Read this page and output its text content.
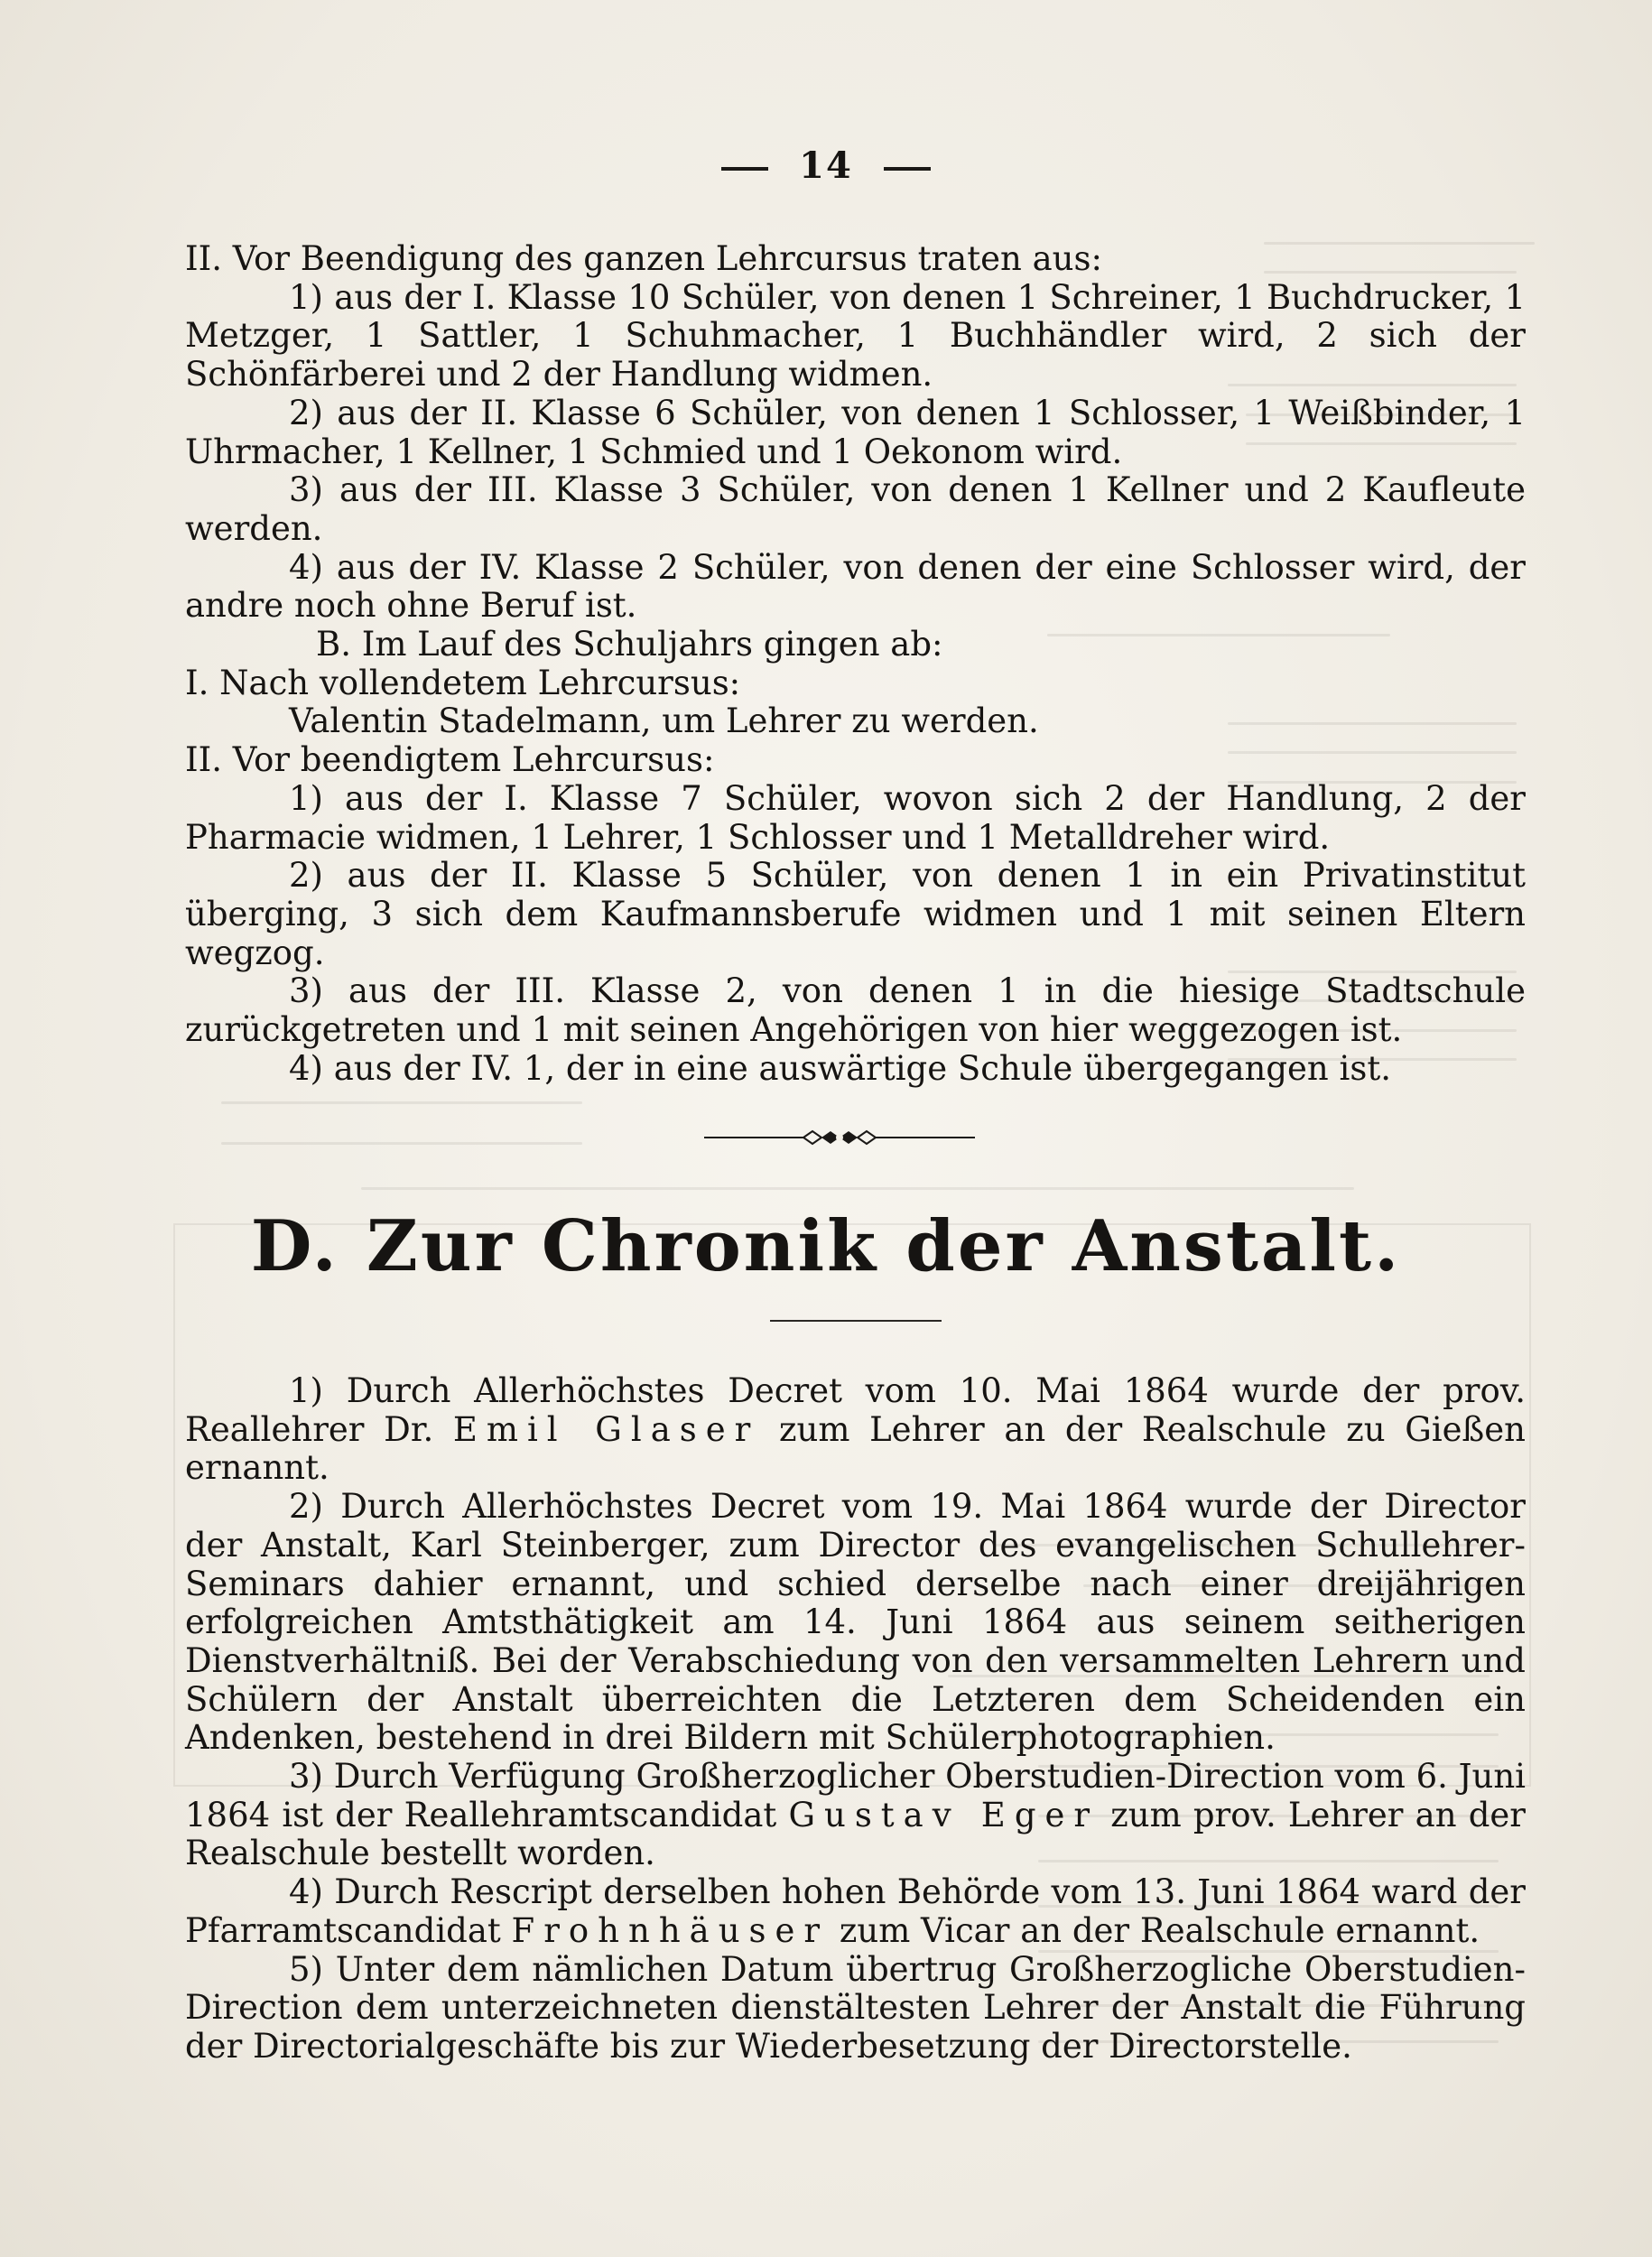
14

II. Vor Beendigung des ganzen Lehrcursus traten aus:

1) aus der I. Klasse 10 Schüler, von denen 1 Schreiner, 1 Buchdrucker, 1 Metzger, 1 Sattler, 1 Schuhmacher, 1 Buchhändler wird, 2 sich der Schönfärberei und 2 der Handlung widmen.

2) aus der II. Klasse 6 Schüler, von denen 1 Schlosser, 1 Weißbinder, 1 Uhrmacher, 1 Kellner, 1 Schmied und 1 Oekonom wird.

3) aus der III. Klasse 3 Schüler, von denen 1 Kellner und 2 Kaufleute werden.

4) aus der IV. Klasse 2 Schüler, von denen der eine Schlosser wird, der andre noch ohne Beruf ist.

B. Im Lauf des Schuljahrs gingen ab:

I. Nach vollendetem Lehrcursus:

Valentin Stadelmann, um Lehrer zu werden.

II. Vor beendigtem Lehrcursus:

1) aus der I. Klasse 7 Schüler, wovon sich 2 der Handlung, 2 der Pharmacie widmen, 1 Lehrer, 1 Schlosser und 1 Metalldreher wird.

2) aus der II. Klasse 5 Schüler, von denen 1 in ein Privatinstitut überging, 3 sich dem Kaufmannsberufe widmen und 1 mit seinen Eltern wegzog.

3) aus der III. Klasse 2, von denen 1 in die hiesige Stadtschule zurückgetreten und 1 mit seinen Angehörigen von hier weggezogen ist.

4) aus der IV. 1, der in eine auswärtige Schule übergegangen ist.

D. Zur Chronik der Anstalt.

1) Durch Allerhöchstes Decret vom 10. Mai 1864 wurde der prov. Reallehrer Dr. Emil Glaser zum Lehrer an der Realschule zu Gießen ernannt.

2) Durch Allerhöchstes Decret vom 19. Mai 1864 wurde der Director der Anstalt, Karl Steinberger, zum Director des evangelischen Schullehrer-Seminars dahier ernannt, und schied derselbe nach einer dreijährigen erfolgreichen Amtsthätigkeit am 14. Juni 1864 aus seinem seitherigen Dienstverhältniß. Bei der Verabschiedung von den versammelten Lehrern und Schülern der Anstalt überreichten die Letzteren dem Scheidenden ein Andenken, bestehend in drei Bildern mit Schülerphotographien.

3) Durch Verfügung Großherzoglicher Oberstudien-Direction vom 6. Juni 1864 ist der Reallehramtscandidat Gustav Eger zum prov. Lehrer an der Realschule bestellt worden.

4) Durch Rescript derselben hohen Behörde vom 13. Juni 1864 ward der Pfarramtscandidat Frohnhäuser zum Vicar an der Realschule ernannt.

5) Unter dem nämlichen Datum übertrug Großherzogliche Oberstudien-Direction dem unterzeichneten dienstältesten Lehrer der Anstalt die Führung der Directorialgeschäfte bis zur Wiederbesetzung der Directorstelle.
